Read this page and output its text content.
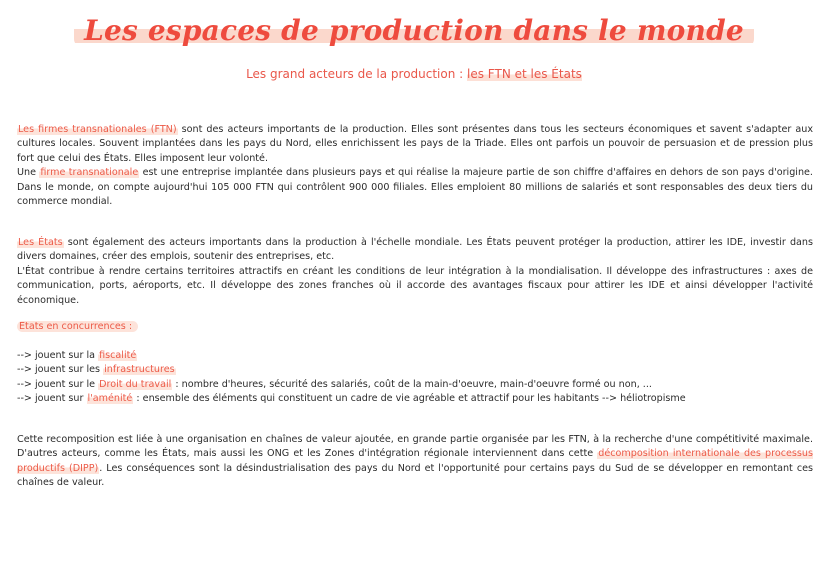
Les espaces de production dans le monde
Les grand acteurs de la production : les FTN et les États

Les firmes transnationales (FTN) sont des acteurs importants de la production. Elles sont présentes dans tous les secteurs économiques et savent s'adapter aux cultures locales. Souvent implantées dans les pays du Nord, elles enrichissent les pays de la Triade. Elles ont parfois un pouvoir de persuasion et de pression plus fort que celui des États. Elles imposent leur volonté.

Une firme transnationale est une entreprise implantée dans plusieurs pays et qui réalise la majeure partie de son chiffre d'affaires en dehors de son pays d'origine. Dans le monde, on compte aujourd'hui 105 000 FTN qui contrôlent 900 000 filiales. Elles emploient 80 millions de salariés et sont responsables des deux tiers du commerce mondial.

Les États sont également des acteurs importants dans la production à l'échelle mondiale. Les États peuvent protéger la production, attirer les IDE, investir dans divers domaines, créer des emplois, soutenir des entreprises, etc.

L'État contribue à rendre certains territoires attractifs en créant les conditions de leur intégration à la mondialisation. Il développe des infrastructures : axes de communication, ports, aéroports, etc. Il développe des zones franches où il accorde des avantages fiscaux pour attirer les IDE et ainsi développer l'activité économique.

Etats en concurrences :
--> jouent sur la fiscalité
--> jouent sur les infrastructures
--> jouent sur le Droit du travail : nombre d'heures, sécurité des salariés, coût de la main-d'oeuvre, main-d'oeuvre formé ou non, ...
--> jouent sur l'aménité : ensemble des éléments qui constituent un cadre de vie agréable et attractif pour les habitants --> héliotropisme

Cette recomposition est liée à une organisation en chaînes de valeur ajoutée, en grande partie organisée par les FTN, à la recherche d'une compétitivité maximale. D'autres acteurs, comme les États, mais aussi les ONG et les Zones d'intégration régionale interviennent dans cette décomposition internationale des processus productifs (DIPP). Les conséquences sont la désindustrialisation des pays du Nord et l'opportunité pour certains pays du Sud de se développer en remontant ces chaînes de valeur.
